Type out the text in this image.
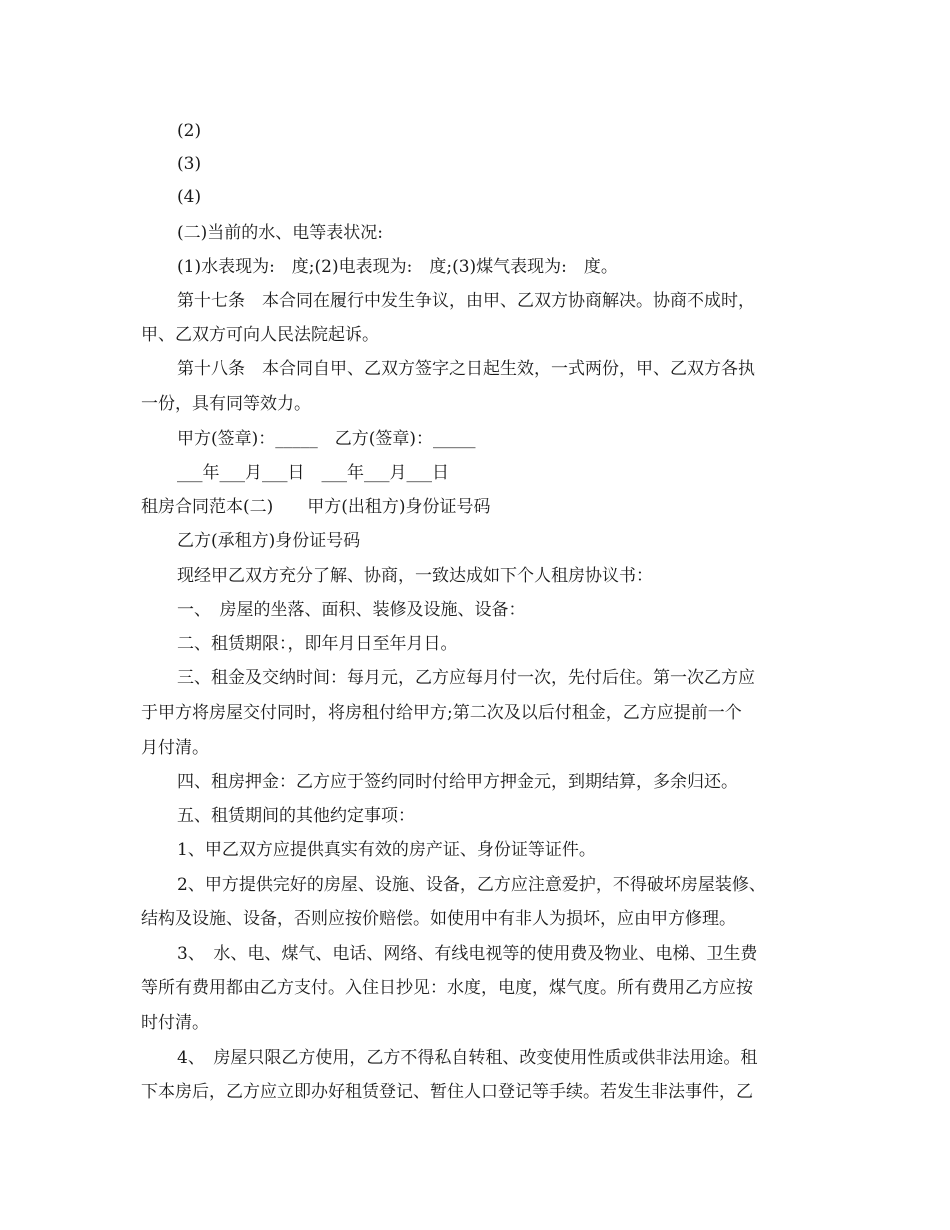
(2)
(3)
(4)
(二)当前的水、电等表状况:
(1)水表现为:　度;(2)电表现为:　度;(3)煤气表现为:　度。
第十七条　本合同在履行中发生争议，由甲、乙双方协商解决。协商不成时，
甲、乙双方可向人民法院起诉。
第十八条　本合同自甲、乙双方签字之日起生效，一式两份，甲、乙双方各执
一份，具有同等效力。
甲方(签章)：_____　乙方(签章)：_____
___年___月___日　___年___月___日
租房合同范本(二)　　甲方(出租方)身份证号码
乙方(承租方)身份证号码
现经甲乙双方充分了解、协商，一致达成如下个人租房协议书：
一、　房屋的坐落、面积、装修及设施、设备：
二、租赁期限：，即年月日至年月日。
三、租金及交纳时间：每月元，乙方应每月付一次，先付后住。第一次乙方应
于甲方将房屋交付同时，将房租付给甲方;第二次及以后付租金，乙方应提前一个
月付清。
四、租房押金：乙方应于签约同时付给甲方押金元，到期结算，多余归还。
五、租赁期间的其他约定事项：
1、甲乙双方应提供真实有效的房产证、身份证等证件。
2、甲方提供完好的房屋、设施、设备，乙方应注意爱护，不得破坏房屋装修、
结构及设施、设备，否则应按价赔偿。如使用中有非人为损坏，应由甲方修理。
3、　水、电、煤气、电话、网络、有线电视等的使用费及物业、电梯、卫生费
等所有费用都由乙方支付。入住日抄见：水度，电度，煤气度。所有费用乙方应按
时付清。
4、　房屋只限乙方使用，乙方不得私自转租、改变使用性质或供非法用途。租
下本房后，乙方应立即办好租赁登记、暂住人口登记等手续。若发生非法事件，乙
